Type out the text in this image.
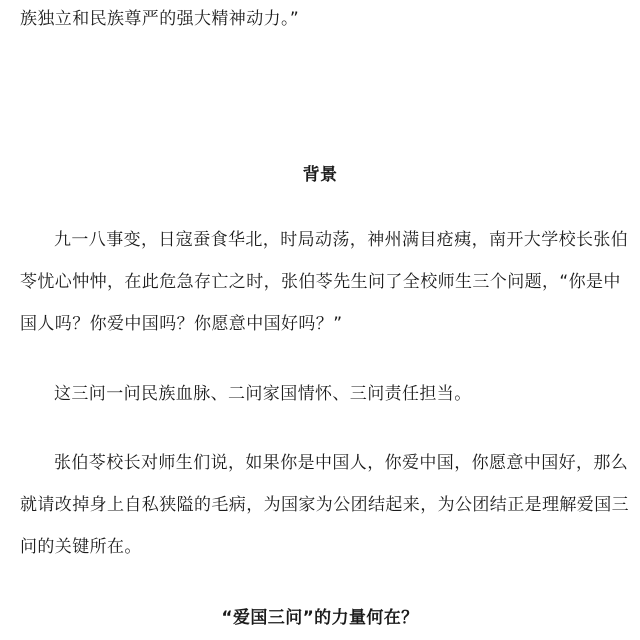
族独立和民族尊严的强大精神动力。”
背景
九一八事变，日寇蚕食华北，时局动荡，神州满目疮痍，南开大学校长张伯
苓忧心忡忡，在此危急存亡之时，张伯苓先生问了全校师生三个问题，“你是中
国人吗？你爱中国吗？你愿意中国好吗？”
这三问一问民族血脉、二问家国情怀、三问责任担当。
张伯苓校长对师生们说，如果你是中国人，你爱中国，你愿意中国好，那么
就请改掉身上自私狭隘的毛病，为国家为公团结起来，为公团结正是理解爱国三
问的关键所在。
“爱国三问”的力量何在？
